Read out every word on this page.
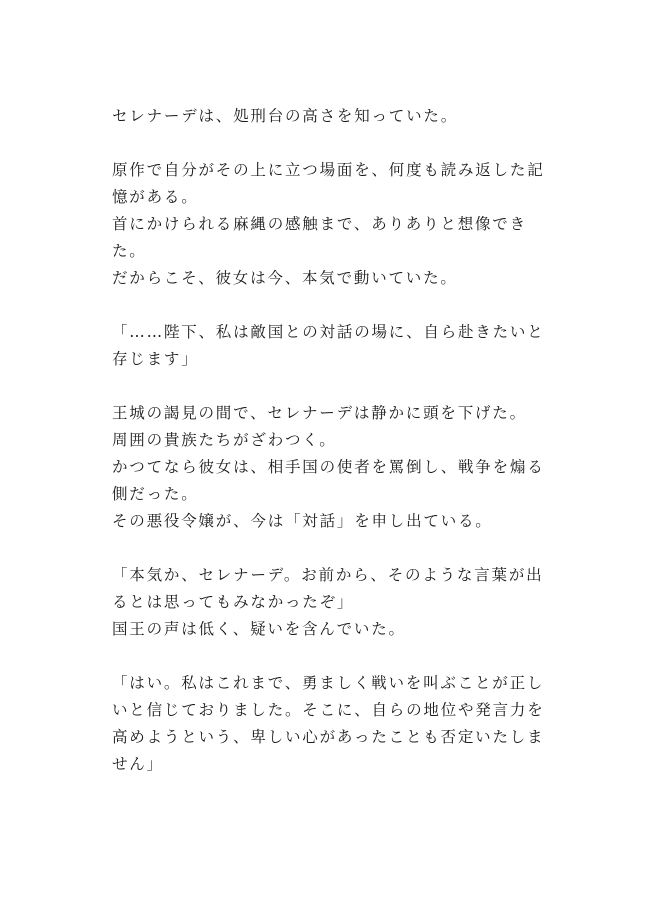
セレナーデは、処刑台の高さを知っていた。
原作で自分がその上に立つ場面を、何度も読み返した記
憶がある。
首にかけられる麻縄の感触まで、ありありと想像でき
た。
だからこそ、彼女は今、本気で動いていた。
「……陛下、私は敵国との対話の場に、自ら赴きたいと
存じます」
王城の謁見の間で、セレナーデは静かに頭を下げた。
周囲の貴族たちがざわつく。
かつてなら彼女は、相手国の使者を罵倒し、戦争を煽る
側だった。
その悪役令嬢が、今は「対話」を申し出ている。
「本気か、セレナーデ。お前から、そのような言葉が出
るとは思ってもみなかったぞ」
国王の声は低く、疑いを含んでいた。
「はい。私はこれまで、勇ましく戦いを叫ぶことが正し
いと信じておりました。そこに、自らの地位や発言力を
高めようという、卑しい心があったことも否定いたしま
せん」
